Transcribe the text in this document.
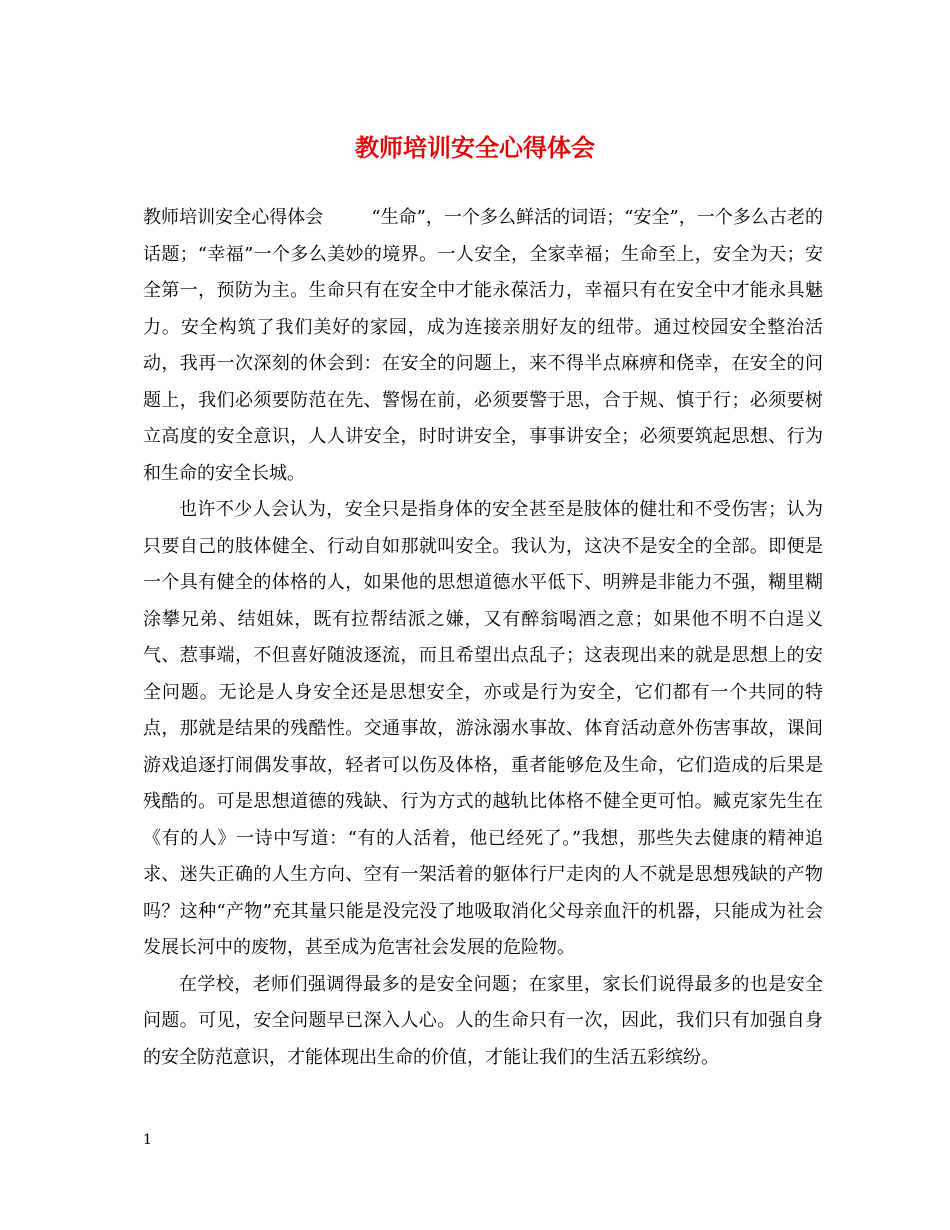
教师培训安全心得体会

教师培训安全心得体会	“生命”，一个多么鲜活的词语；“安全”，一个多么古老的话题；“幸福”一个多么美妙的境界。一人安全，全家幸福；生命至上，安全为天；安全第一，预防为主。生命只有在安全中才能永葆活力，幸福只有在安全中才能永具魅力。安全构筑了我们美好的家园，成为连接亲朋好友的纽带。通过校园安全整治活动，我再一次深刻的休会到：在安全的问题上，来不得半点麻痹和侥幸，在安全的问题上，我们必须要防范在先、警惕在前，必须要警于思，合于规、慎于行；必须要树立高度的安全意识，人人讲安全，时时讲安全，事事讲安全；必须要筑起思想、行为和生命的安全长城。

也许不少人会认为，安全只是指身体的安全甚至是肢体的健壮和不受伤害；认为只要自己的肢体健全、行动自如那就叫安全。我认为，这决不是安全的全部。即便是一个具有健全的体格的人，如果他的思想道德水平低下、明辨是非能力不强，糊里糊涂攀兄弟、结姐妹，既有拉帮结派之嫌，又有醉翁喝酒之意；如果他不明不白逞义气、惹事端，不但喜好随波逐流，而且希望出点乱子；这表现出来的就是思想上的安全问题。无论是人身安全还是思想安全，亦或是行为安全，它们都有一个共同的特点，那就是结果的残酷性。交通事故，游泳溺水事故、体育活动意外伤害事故，课间游戏追逐打闹偶发事故，轻者可以伤及体格，重者能够危及生命，它们造成的后果是残酷的。可是思想道德的残缺、行为方式的越轨比体格不健全更可怕。臧克家先生在《有的人》一诗中写道：“有的人活着，他已经死了。”我想，那些失去健康的精神追求、迷失正确的人生方向、空有一架活着的躯体行尸走肉的人不就是思想残缺的产物吗？这种“产物”充其量只能是没完没了地吸取消化父母亲血汗的机器，只能成为社会发展长河中的废物，甚至成为危害社会发展的危险物。

在学校，老师们强调得最多的是安全问题；在家里，家长们说得最多的也是安全问题。可见，安全问题早已深入人心。人的生命只有一次，因此，我们只有加强自身的安全防范意识，才能体现出生命的价值，才能让我们的生活五彩缤纷。

1
